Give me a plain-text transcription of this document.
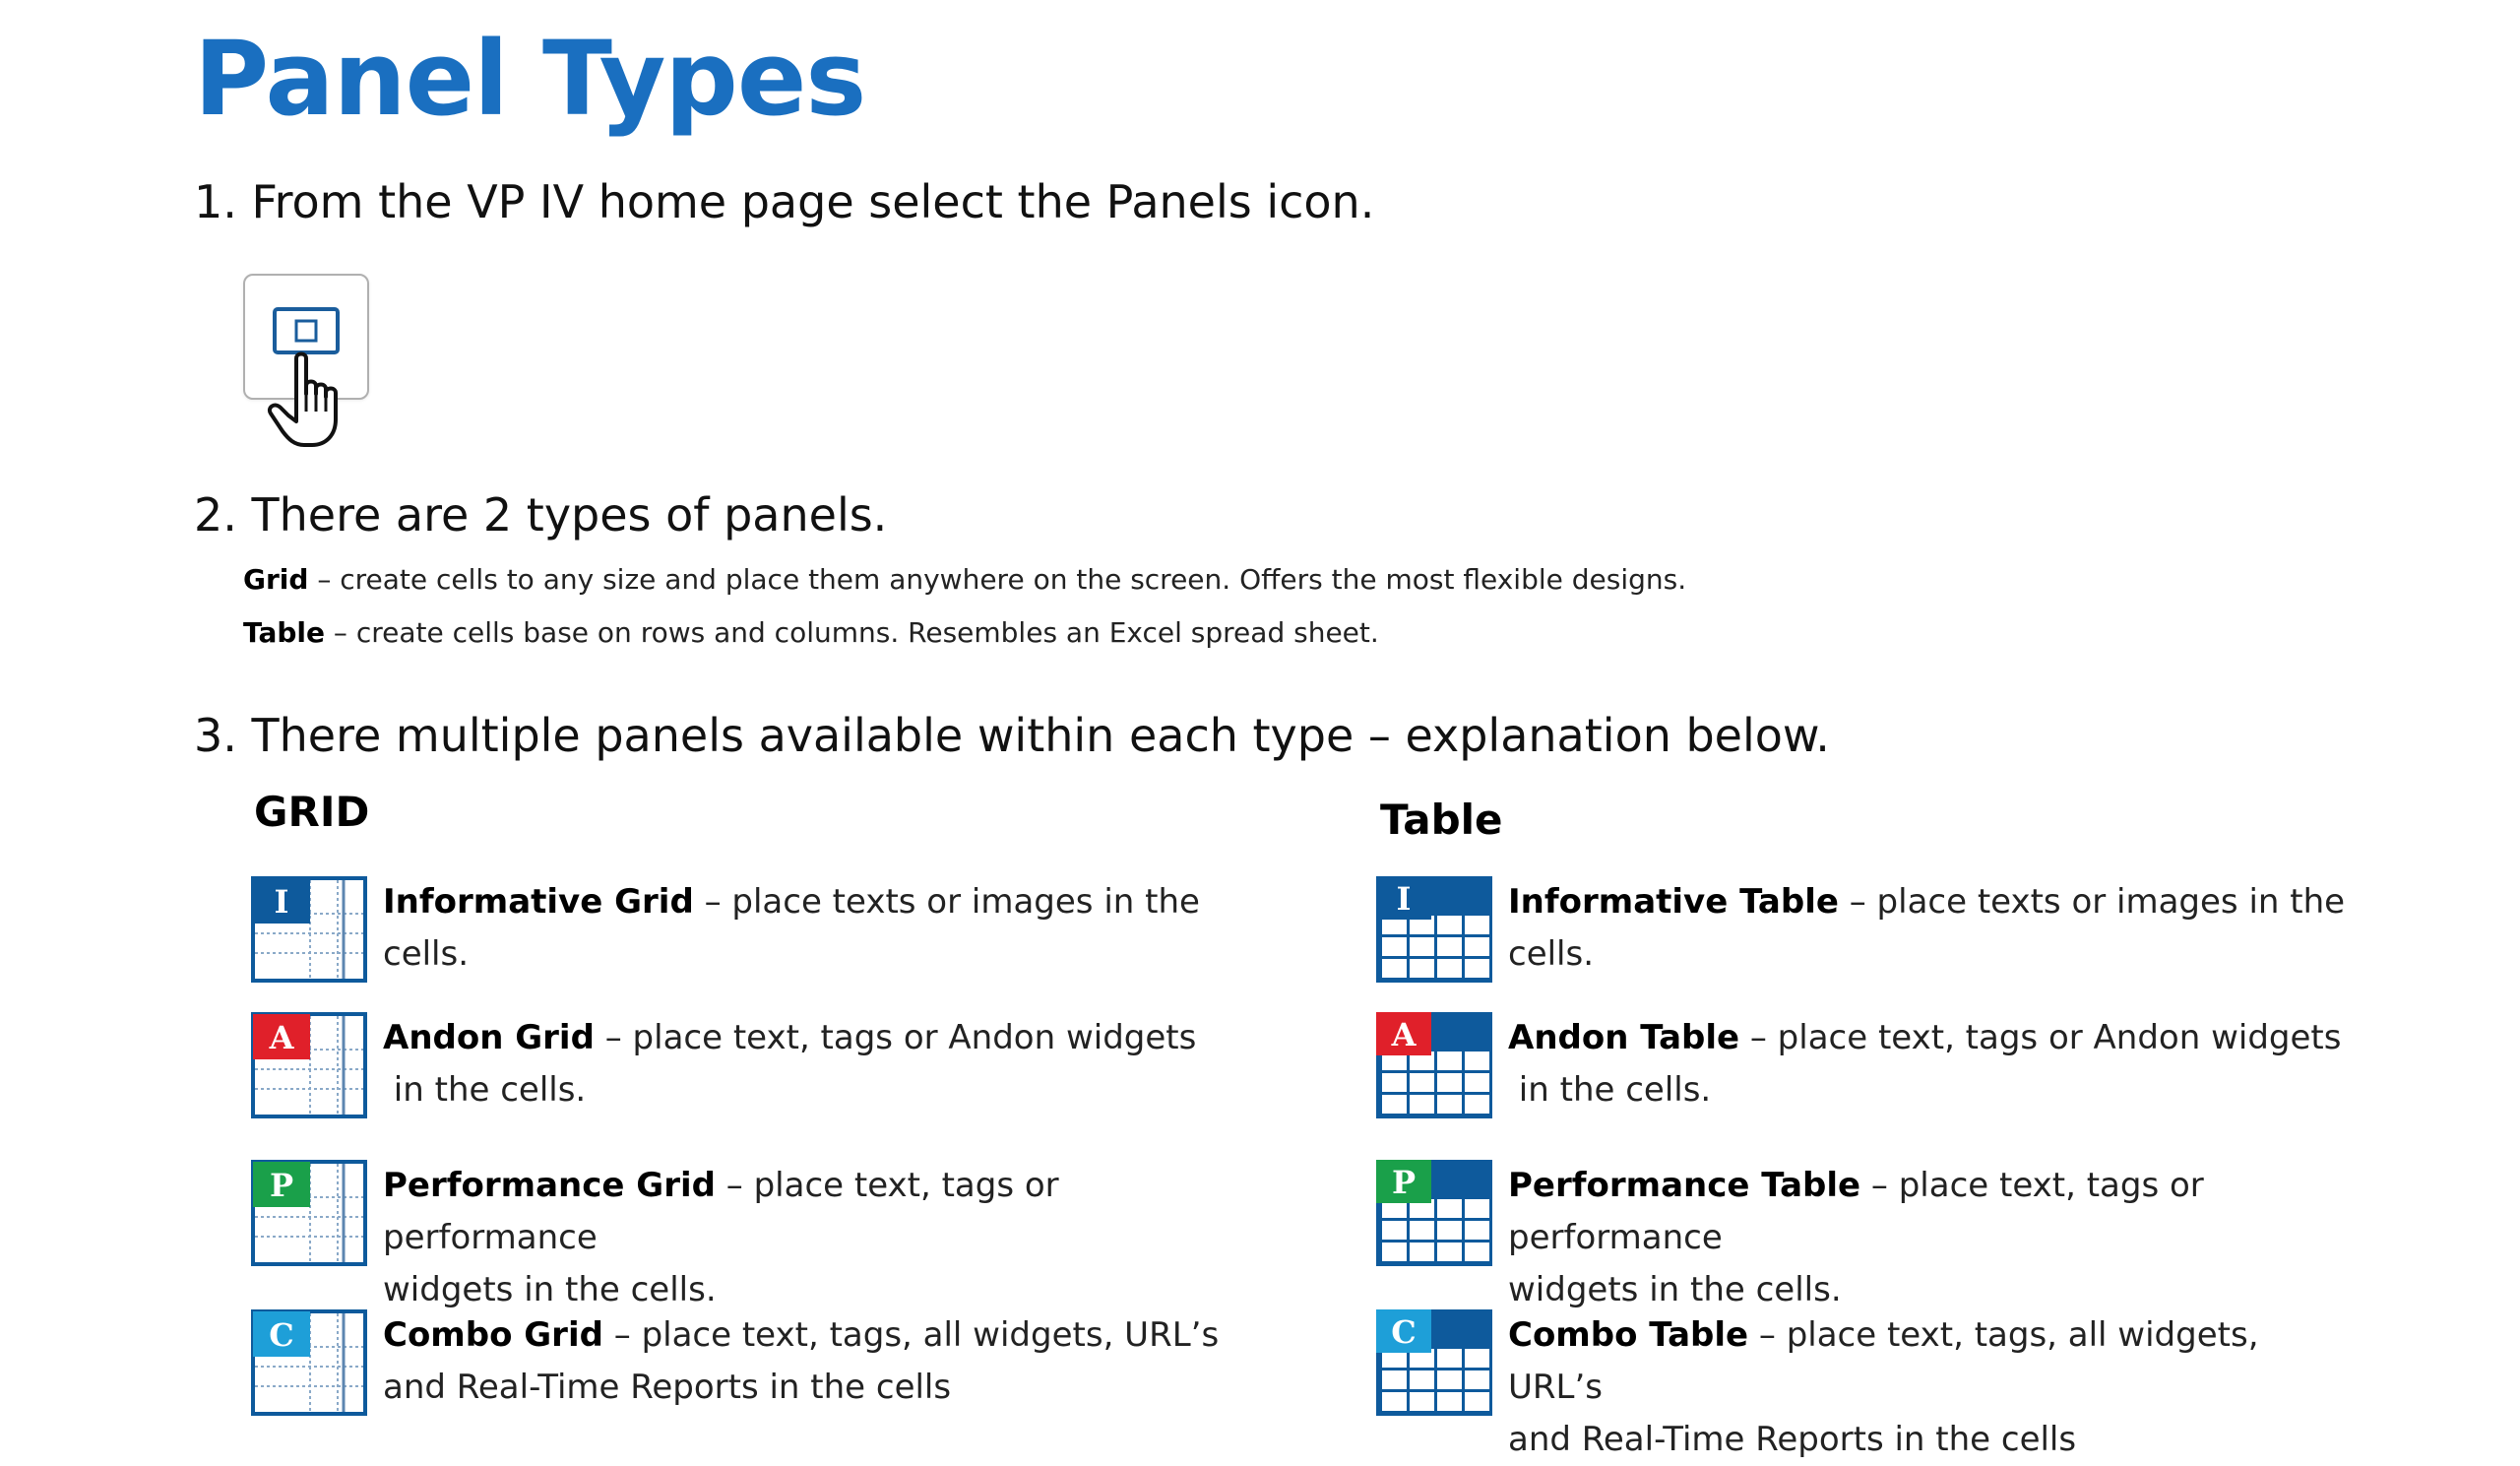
Panel Types
1. From the VP IV home page select the Panels icon.
2. There are 2 types of panels.
Grid – create cells to any size and place them anywhere on the screen. Offers the most flexible designs.
Table – create cells base on rows and columns. Resembles an Excel spread sheet.
3. There multiple panels available within each type – explanation below.
GRID	Table
I	Informative Grid – place texts or images in the cells.
A	Andon Grid – place text, tags or Andon widgets
in the cells.
P	Performance Grid – place text, tags or performance
widgets in the cells.
C	Combo Grid – place text, tags, all widgets, URL’s
and Real-Time Reports in the cells
I	Informative Table – place texts or images in the cells.
A	Andon Table – place text, tags or Andon widgets
in the cells.
P	Performance Table – place text, tags or performance
widgets in the cells.
C	Combo Table – place text, tags, all widgets, URL’s
and Real-Time Reports in the cells
